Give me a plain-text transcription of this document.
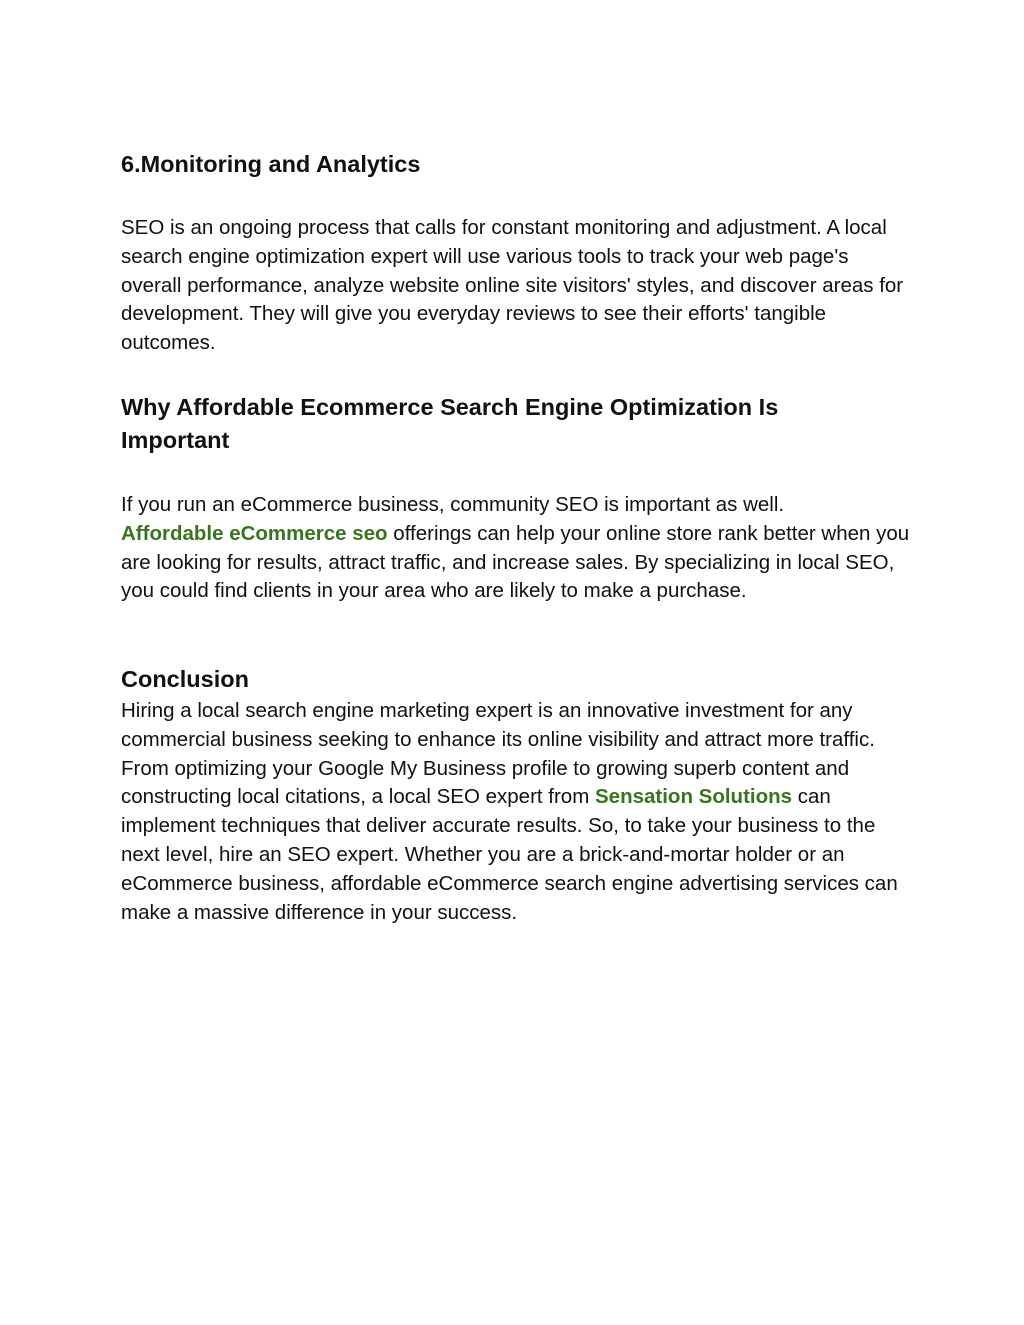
6.Monitoring and Analytics

SEO is an ongoing process that calls for constant monitoring and adjustment. A local search engine optimization expert will use various tools to track your web page's overall performance, analyze website online site visitors' styles, and discover areas for development. They will give you everyday reviews to see their efforts' tangible outcomes.

Why Affordable Ecommerce Search Engine Optimization Is Important

If you run an eCommerce business, community SEO is important as well.
Affordable eCommerce seo offerings can help your online store rank better when you are looking for results, attract traffic, and increase sales. By specializing in local SEO, you could find clients in your area who are likely to make a purchase.

Conclusion

Hiring a local search engine marketing expert is an innovative investment for any commercial business seeking to enhance its online visibility and attract more traffic. From optimizing your Google My Business profile to growing superb content and constructing local citations, a local SEO expert from Sensation Solutions can implement techniques that deliver accurate results. So, to take your business to the next level, hire an SEO expert. Whether you are a brick-and-mortar holder or an eCommerce business, affordable eCommerce search engine advertising services can make a massive difference in your success.
